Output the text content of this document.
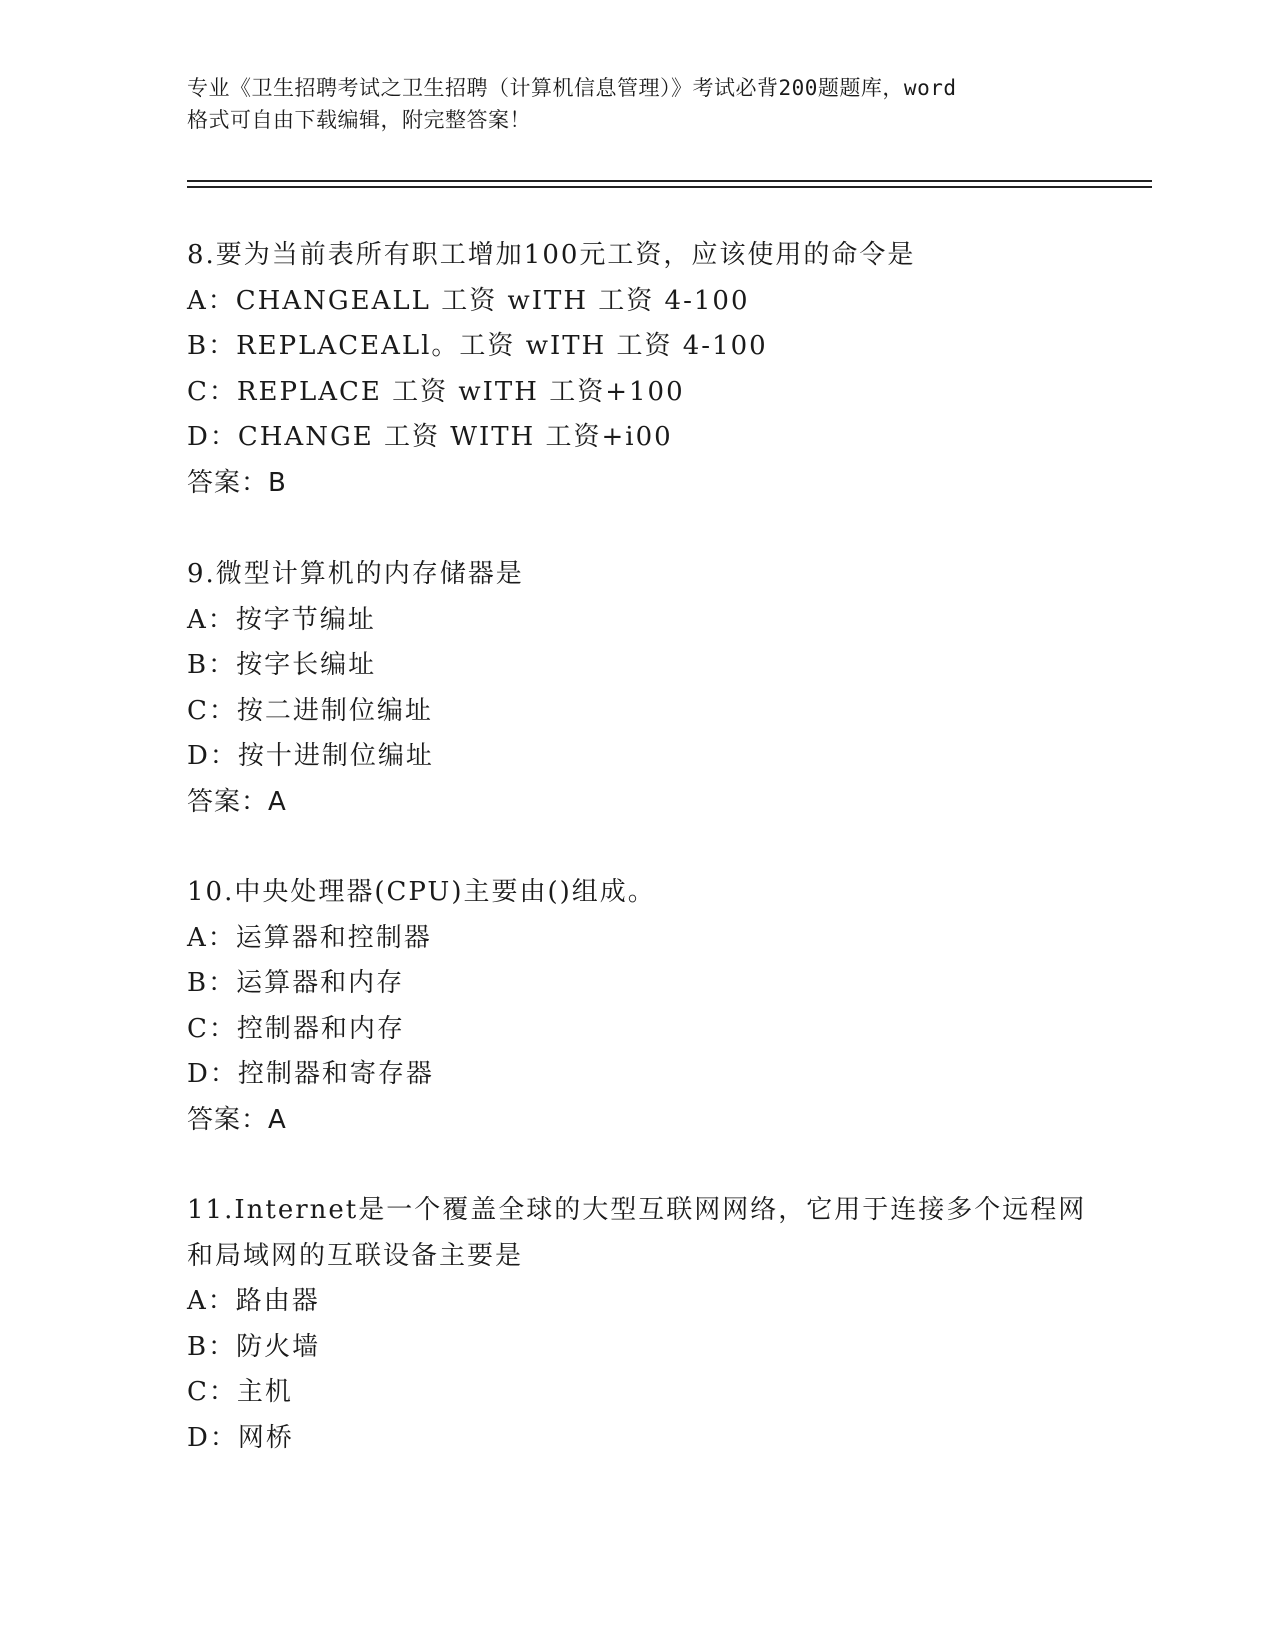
专业《卫生招聘考试之卫生招聘（计算机信息管理）》考试必背200题题库，word
格式可自由下载编辑，附完整答案！
8.要为当前表所有职工增加100元工资，应该使用的命令是
A：CHANGEALL 工资 wITH 工资 4-100
B：REPLACEALl。工资 wITH 工资 4-100
C：REPLACE 工资 wITH 工资+100
D：CHANGE 工资 WITH 工资+i00
答案：B
9.微型计算机的内存储器是
A：按字节编址
B：按字长编址
C：按二进制位编址
D：按十进制位编址
答案：A
10.中央处理器(CPU)主要由()组成。
A：运算器和控制器
B：运算器和内存
C：控制器和内存
D：控制器和寄存器
答案：A
11.Internet是一个覆盖全球的大型互联网网络，它用于连接多个远程网和局域网的互联设备主要是
A：路由器
B：防火墙
C：主机
D：网桥
